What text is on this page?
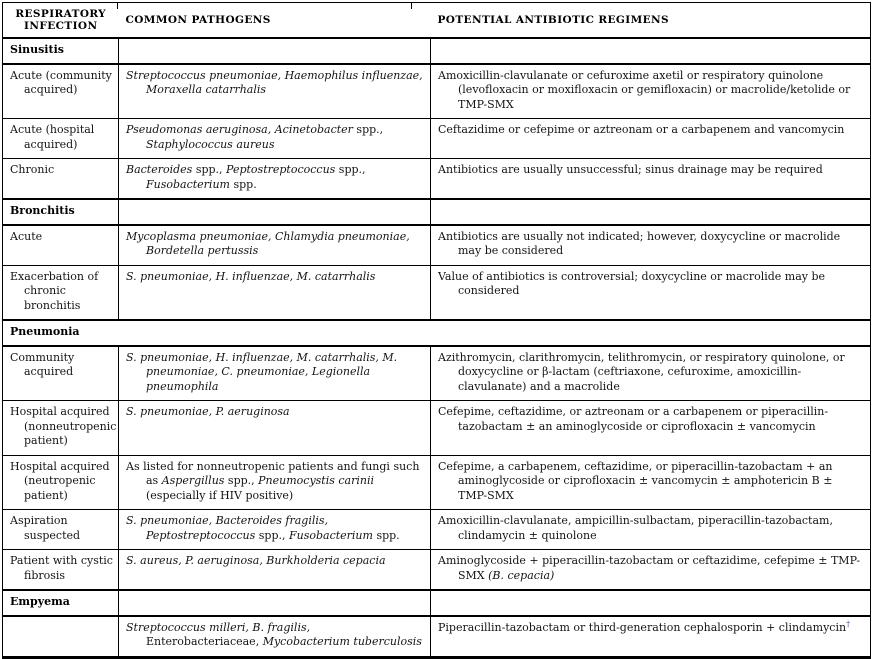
RESPIRATORY INFECTION	COMMON PATHOGENS	POTENTIAL ANTIBIOTIC REGIMENS
Sinusitis		

Acute (community acquired)	Streptococcus pneumoniae, Haemophilus influenzae, Moraxella catarrhalis	Amoxicillin-clavulanate or cefuroxime axetil or respiratory quinolone (levofloxacin or moxifloxacin or gemifloxacin) or macrolide/ketolide or TMP-SMX

Acute (hospital acquired)	Pseudomonas aeruginosa, Acinetobacter spp., Staphylococcus aureus	Ceftazidime or cefepime or aztreonam or a carbapenem and vancomycin

Chronic	Bacteroides spp., Peptostreptococcus spp., Fusobacterium spp.	Antibiotics are usually unsuccessful; sinus drainage may be required

Bronchitis		

Acute	Mycoplasma pneumoniae, Chlamydia pneumoniae, Bordetella pertussis	Antibiotics are usually not indicated; however, doxycycline or macrolide may be considered

Exacerbation of chronic bronchitis	S. pneumoniae, H. influenzae, M. catarrhalis	Value of antibiotics is controversial; doxycycline or macrolide may be considered

Pneumonia		

Community acquired	S. pneumoniae, H. influenzae, M. catarrhalis, M. pneumoniae, C. pneumoniae, Legionella pneumophila	Azithromycin, clarithromycin, telithromycin, or respiratory quinolone, or doxycycline or β-lactam (ceftriaxone, cefuroxime, amoxicillin-clavulanate) and a macrolide

Hospital acquired (nonneutropenic patient)	S. pneumoniae, P. aeruginosa	Cefepime, ceftazidime, or aztreonam or a carbapenem or piperacillin-tazobactam ± an aminoglycoside or ciprofloxacin ± vancomycin

Hospital acquired (neutropenic patient)	As listed for nonneutropenic patients and fungi such as Aspergillus spp., Pneumocystis carinii (especially if HIV positive)	Cefepime, a carbapenem, ceftazidime, or piperacillin-tazobactam + an aminoglycoside or ciprofloxacin ± vancomycin ± amphotericin B ± TMP-SMX

Aspiration suspected	S. pneumoniae, Bacteroides fragilis, Peptostreptococcus spp., Fusobacterium spp.	Amoxicillin-clavulanate, ampicillin-sulbactam, piperacillin-tazobactam, clindamycin ± quinolone

Patient with cystic fibrosis	S. aureus, P. aeruginosa, Burkholderia cepacia	Aminoglycoside + piperacillin-tazobactam or ceftazidime, cefepime ± TMP-SMX (B. cepacia)

Empyema		

	Streptococcus milleri, B. fragilis, Enterobacteriaceae, Mycobacterium tuberculosis	Piperacillin-tazobactam or third-generation cephalosporin + clindamycin†
